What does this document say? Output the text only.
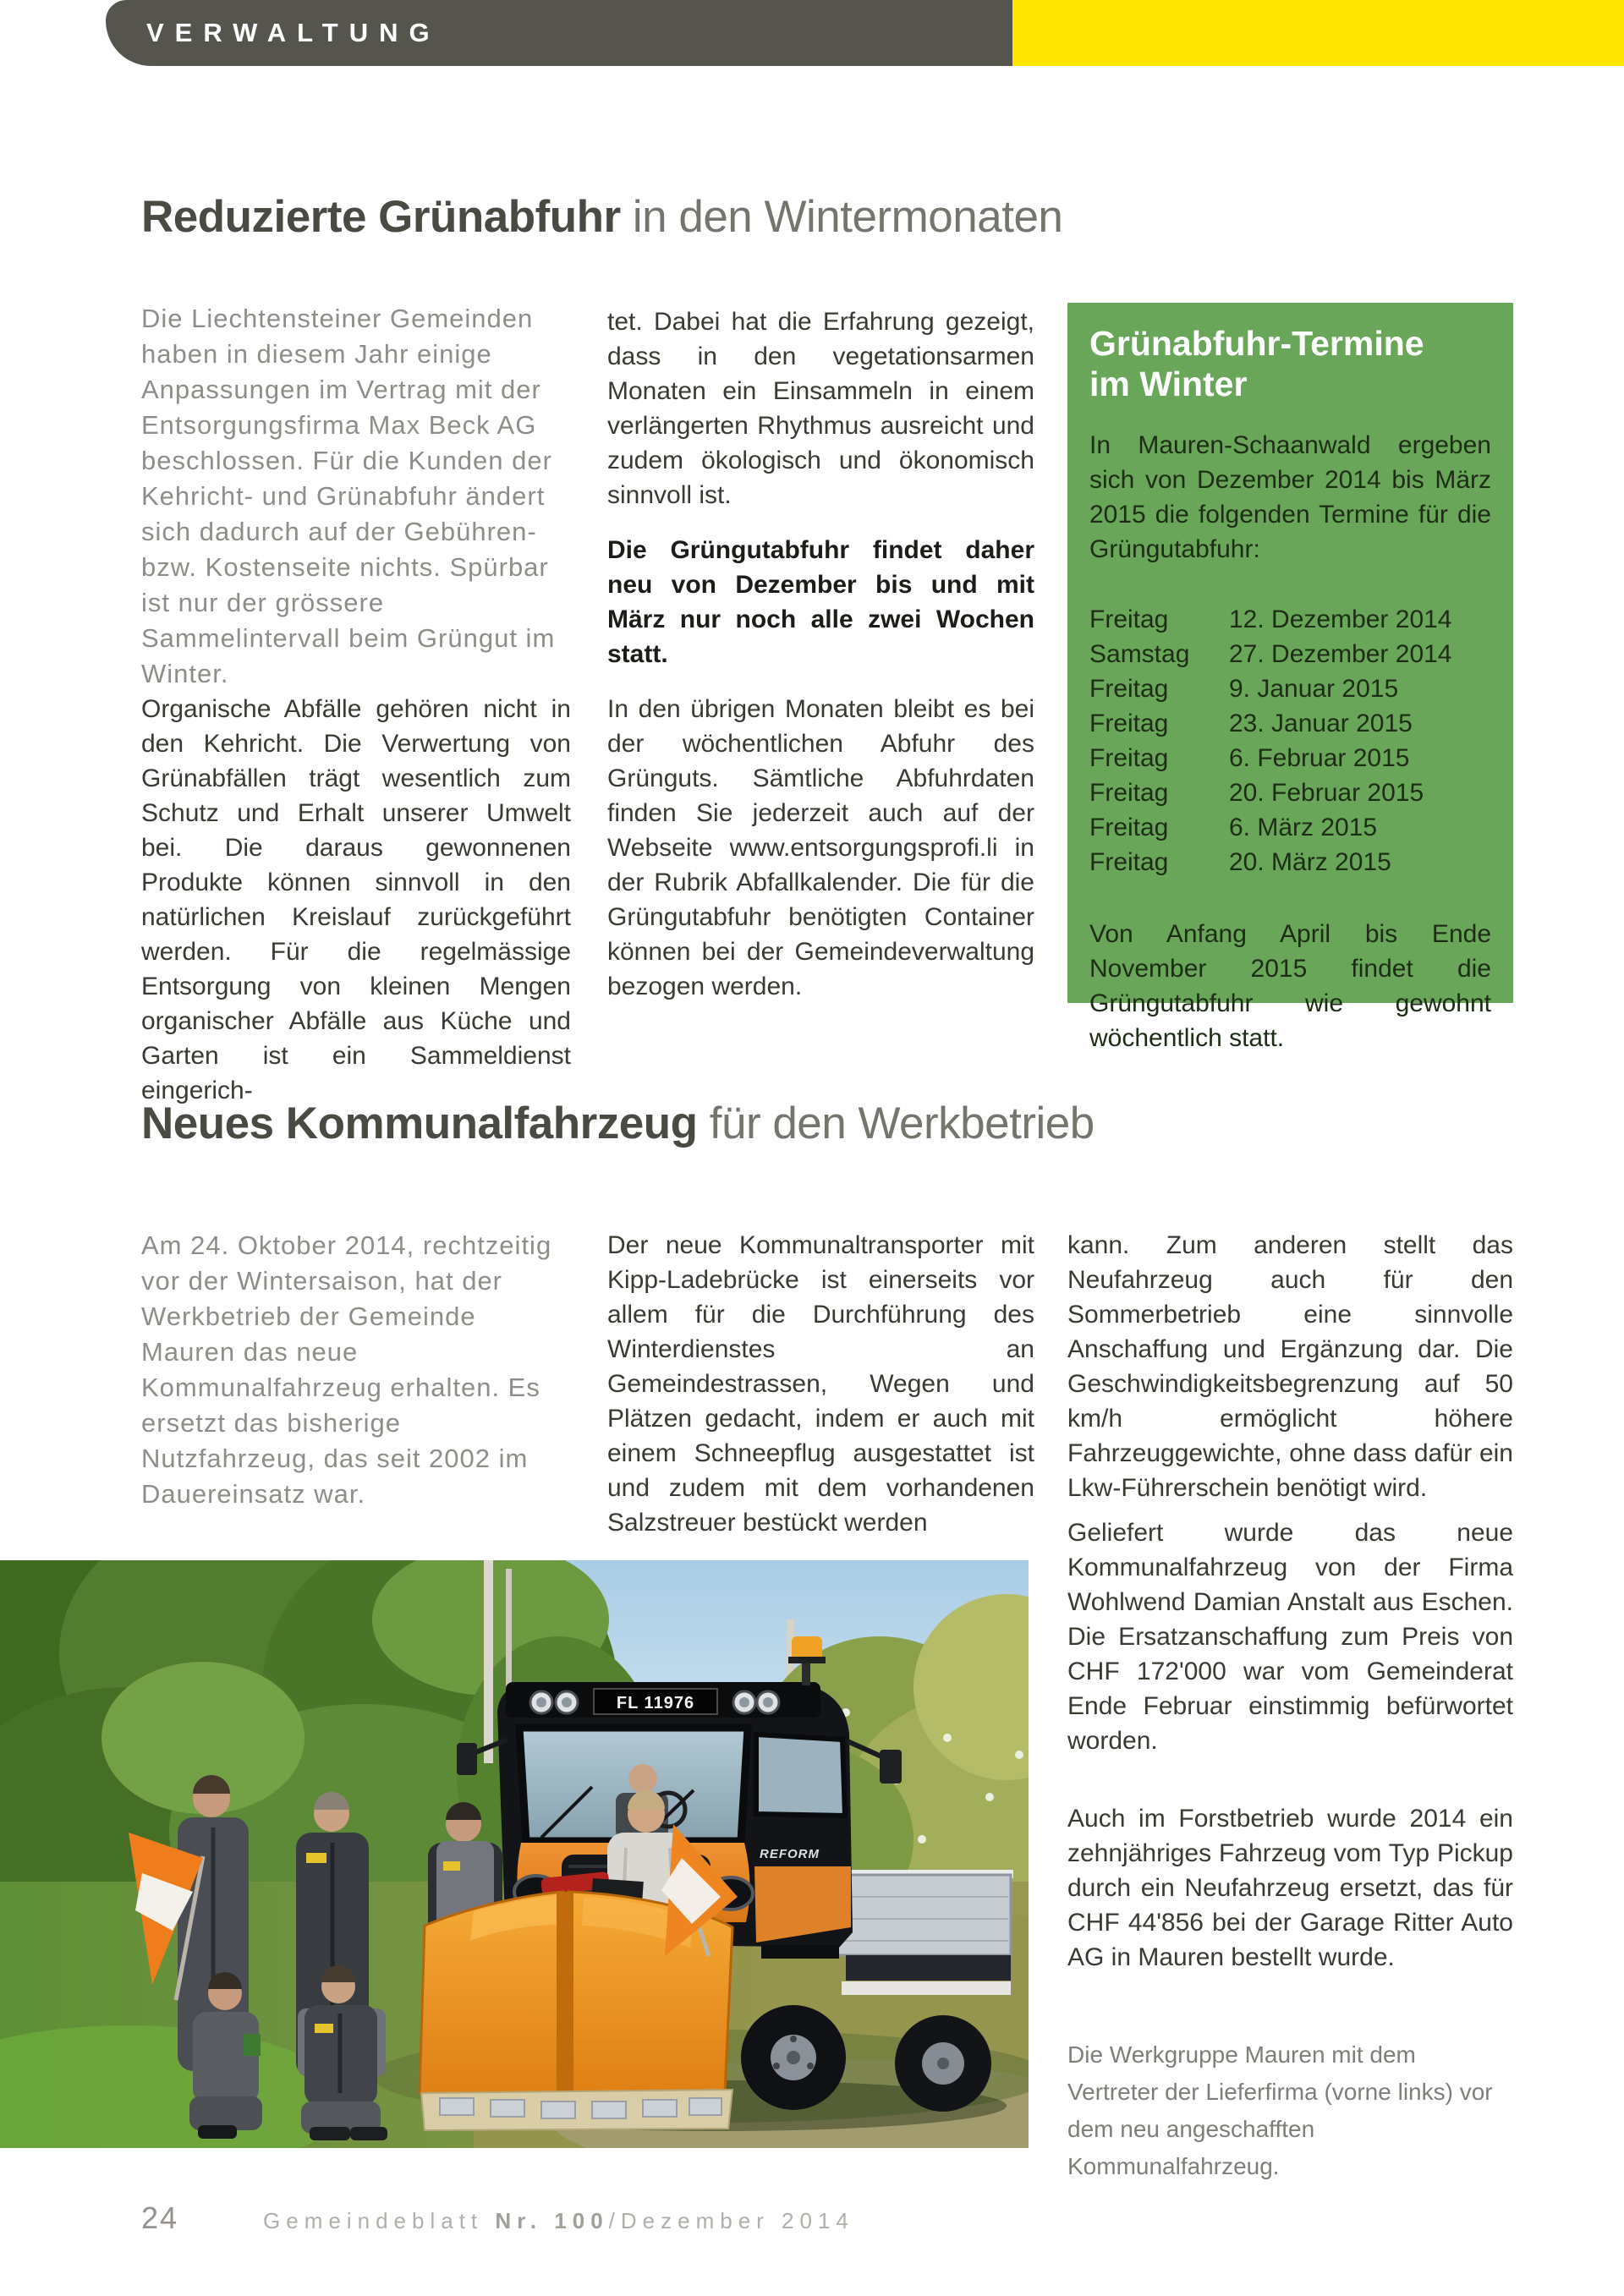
VERWALTUNG
Reduzierte Grünabfuhr in den Wintermonaten
Die Liechtensteiner Gemeinden haben in diesem Jahr einige Anpassungen im Vertrag mit der Entsorgungsfirma Max Beck AG beschlossen. Für die Kunden der Kehricht- und Grünabfuhr ändert sich dadurch auf der Gebühren- bzw. Kostenseite nichts. Spürbar ist nur der grössere Sammelintervall beim Grüngut im Winter.
Organische Abfälle gehören nicht in den Kehricht. Die Verwertung von Grünabfällen trägt wesentlich zum Schutz und Erhalt unserer Umwelt bei. Die daraus gewonnenen Produkte können sinnvoll in den natürlichen Kreislauf zurückgeführt werden. Für die regelmässige Entsorgung von kleinen Mengen organischer Abfälle aus Küche und Garten ist ein Sammeldienst eingerich-
tet. Dabei hat die Erfahrung gezeigt, dass in den vegetationsarmen Monaten ein Einsammeln in einem verlängerten Rhythmus ausreicht und zudem ökologisch und ökonomisch sinnvoll ist.
Die Grüngutabfuhr findet daher neu von Dezember bis und mit März nur noch alle zwei Wochen statt.
In den übrigen Monaten bleibt es bei der wöchentlichen Abfuhr des Grünguts. Sämtliche Abfuhrdaten finden Sie jederzeit auch auf der Webseite www.entsorgungsprofi.li in der Rubrik Abfallkalender. Die für die Grüngutabfuhr benötigten Container können bei der Gemeindeverwaltung bezogen werden.
Grünabfuhr-Termine
im Winter
In Mauren-Schaanwald ergeben sich von Dezember 2014 bis März 2015 die folgenden Termine für die Grüngutabfuhr:
Freitag	12. Dezember 2014
Samstag	27. Dezember 2014
Freitag	9. Januar 2015
Freitag	23. Januar 2015
Freitag	6. Februar 2015
Freitag	20. Februar 2015
Freitag	6. März 2015
Freitag	20. März 2015
Von Anfang April bis Ende November 2015 findet die Grüngutabfuhr wie gewohnt wöchentlich statt.
Neues Kommunalfahrzeug für den Werkbetrieb
Am 24. Oktober 2014, rechtzeitig vor der Wintersaison, hat der Werkbetrieb der Gemeinde Mauren das neue Kommunalfahrzeug erhalten. Es ersetzt das bisherige Nutzfahrzeug, das seit 2002 im Dauereinsatz war.
Der neue Kommunaltransporter mit Kipp-Ladebrücke ist einerseits vor allem für die Durchführung des Winterdienstes an Gemeindestrassen, Wegen und Plätzen gedacht, indem er auch mit einem Schneepflug ausgestattet ist und zudem mit dem vorhandenen Salzstreuer bestückt werden
kann. Zum anderen stellt das Neufahrzeug auch für den Sommerbetrieb eine sinnvolle Anschaffung und Ergänzung dar. Die Geschwindigkeitsbegrenzung auf 50 km/h ermöglicht höhere Fahrzeuggewichte, ohne dass dafür ein Lkw-Führerschein benötigt wird.
Geliefert wurde das neue Kommunalfahrzeug von der Firma Wohlwend Damian Anstalt aus Eschen. Die Ersatzanschaffung zum Preis von CHF 172'000 war vom Gemeinderat Ende Februar einstimmig befürwortet worden.
Auch im Forstbetrieb wurde 2014 ein zehnjähriges Fahrzeug vom Typ Pickup durch ein Neufahrzeug ersetzt, das für CHF 44'856 bei der Garage Ritter Auto AG in Mauren bestellt wurde.
FL 11976
REFORM
Die Werkgruppe Mauren mit dem Vertreter der Lieferfirma (vorne links) vor dem neu angeschafften Kommunalfahrzeug.
24	Gemeindeblatt Nr. 100/Dezember 2014
